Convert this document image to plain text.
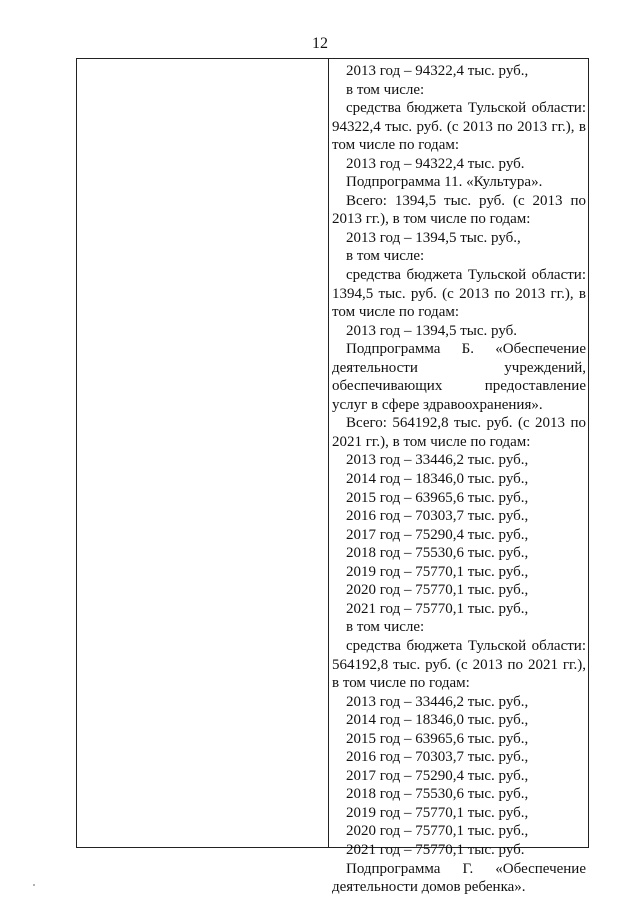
12

2013 год – 94322,4 тыс. руб.,

в том числе:

средства бюджета Тульской области: 94322,4 тыс. руб. (с 2013 по 2013 гг.), в том числе по годам:

2013 год – 94322,4 тыс. руб.

Подпрограмма 11. «Культура».

Всего: 1394,5 тыс. руб. (с 2013 по 2013 гг.), в том числе по годам:

2013 год – 1394,5 тыс. руб.,

в том числе:

средства бюджета Тульской области: 1394,5 тыс. руб. (с 2013 по 2013 гг.), в том числе по годам:

2013 год – 1394,5 тыс. руб.

Подпрограмма Б. «Обеспечение деятельности учреждений, обеспечивающих предоставление услуг в сфере здравоохранения».

Всего: 564192,8 тыс. руб. (с 2013 по 2021 гг.), в том числе по годам:

2013 год – 33446,2 тыс. руб.,

2014 год – 18346,0 тыс. руб.,

2015 год – 63965,6 тыс. руб.,

2016 год – 70303,7 тыс. руб.,

2017 год – 75290,4 тыс. руб.,

2018 год – 75530,6 тыс. руб.,

2019 год – 75770,1 тыс. руб.,

2020 год – 75770,1 тыс. руб.,

2021 год – 75770,1 тыс. руб.,

в том числе:

средства бюджета Тульской области: 564192,8 тыс. руб. (с 2013 по 2021 гг.), в том числе по годам:

2013 год – 33446,2 тыс. руб.,

2014 год – 18346,0 тыс. руб.,

2015 год – 63965,6 тыс. руб.,

2016 год – 70303,7 тыс. руб.,

2017 год – 75290,4 тыс. руб.,

2018 год – 75530,6 тыс. руб.,

2019 год – 75770,1 тыс. руб.,

2020 год – 75770,1 тыс. руб.,

2021 год – 75770,1 тыс. руб.

Подпрограмма Г. «Обеспечение деятельности домов ребенка».
